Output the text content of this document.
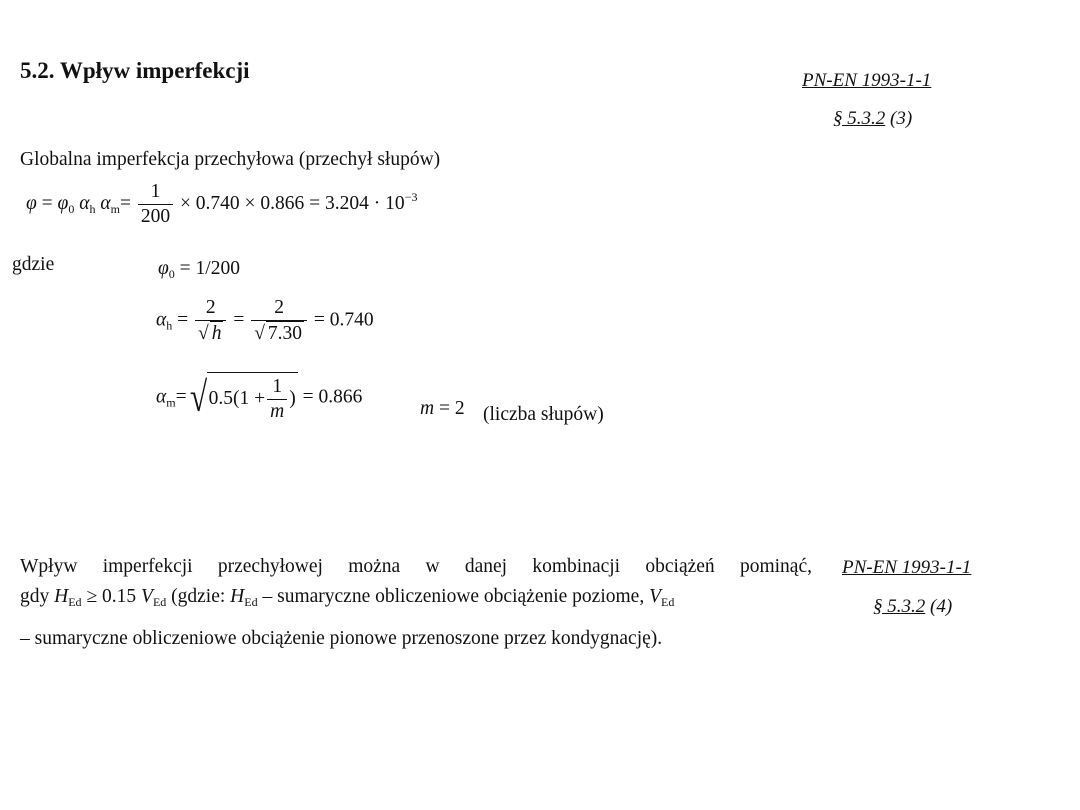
5.2. Wpływ imperfekcji	PN-EN 1993-1-1
§ 5.3.2 (3)
Globalna imperfekcja przechyłowa (przechył słupów)
$\varphi = \varphi_0$ $\alpha_h$ $\alpha_m= \frac{1}{200} \times 0.740 \times 0.866 = 3.204 \cdot 10^{-3}$
gdzie	$\varphi_0 = 1/200$
$\alpha_h = \frac{2}{√ h} = \frac{2}{√ 7.30} = 0.740$
$\alpha_m=√0.5(1 + \frac{1}{m}$ ) = 0.866
m = 2 (liczba słupów)
Wpływ imperfekcji przechyłowej można w danej kombinacji obciążeń pominąć,
gdy $H_{Ed} \ge 0.15$ $V_{Ed}$ (gdzie: $H_{Ed}$ – sumaryczne obliczeniowe obciążenie poziome, $V_{Ed}$
– sumaryczne obliczeniowe obciążenie pionowe przenoszone przez kondygnację).
PN-EN 1993-1-1
§ 5.3.2 (4)
